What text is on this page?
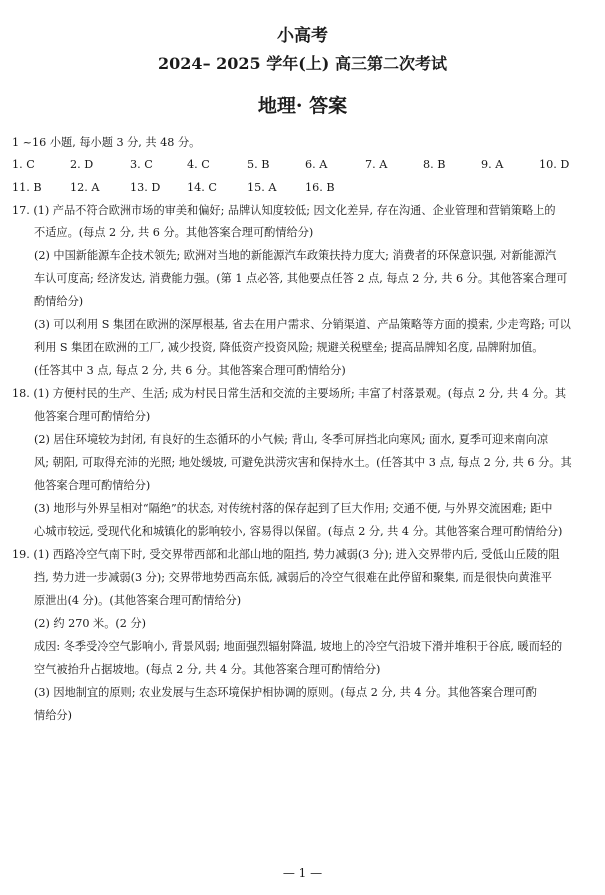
小高考
2024– 2025 学年(上) 高三第二次考试
地理· 答案
1 ~16 小题, 每小题 3 分, 共 48 分。
1. C	2. D	3. C	4. C	5. B	6. A	7. A	8. B	9. A	10. D
11. B	12. A	13. D 14. C	15. A	16. B
17. (1) 产品不符合欧洲市场的审美和偏好; 品牌认知度较低; 因文化差异, 存在沟通、企业管理和营销策略上的
不适应。(每点 2 分, 共 6 分。其他答案合理可酌情给分)
(2) 中国新能源车企技术领先; 欧洲对当地的新能源汽车政策扶持力度大; 消费者的环保意识强, 对新能源汽
车认可度高; 经济发达, 消费能力强。(第 1 点必答, 其他要点任答 2 点, 每点 2 分, 共 6 分。其他答案合理可
酌情给分)
(3) 可以利用 S 集团在欧洲的深厚根基, 省去在用户需求、分销渠道、产品策略等方面的摸索, 少走弯路; 可以
利用 S 集团在欧洲的工厂, 减少投资, 降低资产投资风险; 规避关税壁垒; 提高品牌知名度, 品牌附加值。
(任答其中 3 点, 每点 2 分, 共 6 分。其他答案合理可酌情给分)
18. (1) 方便村民的生产、生活; 成为村民日常生活和交流的主要场所; 丰富了村落景观。(每点 2 分, 共 4 分。其
他答案合理可酌情给分)
(2) 居住环境较为封闭, 有良好的生态循环的小气候; 背山, 冬季可屏挡北向寒风; 面水, 夏季可迎来南向凉
风; 朝阳, 可取得充沛的光照; 地处缓坡, 可避免洪涝灾害和保持水土。(任答其中 3 点, 每点 2 分, 共 6 分。其
他答案合理可酌情给分)
(3) 地形与外界呈相对“隔绝”的状态, 对传统村落的保存起到了巨大作用; 交通不便, 与外界交流困难; 距中
心城市较远, 受现代化和城镇化的影响较小, 容易得以保留。(每点 2 分, 共 4 分。其他答案合理可酌情给分)
19. (1) 西路冷空气南下时, 受交界带西部和北部山地的阻挡, 势力减弱(3 分); 进入交界带内后, 受低山丘陵的阻
挡, 势力进一步减弱(3 分); 交界带地势西高东低, 减弱后的冷空气很难在此停留和聚集, 而是很快向黄淮平
原泄出(4 分)。(其他答案合理可酌情给分)
(2) 约 270 米。(2 分)
成因: 冬季受冷空气影响小, 背景风弱; 地面强烈辐射降温, 坡地上的冷空气沿坡下滑并堆积于谷底, 暖而轻的
空气被抬升占据坡地。(每点 2 分, 共 4 分。其他答案合理可酌情给分)
(3) 因地制宜的原则; 农业发展与生态环境保护相协调的原则。(每点 2 分, 共 4 分。其他答案合理可酌
情给分)
— 1 —
